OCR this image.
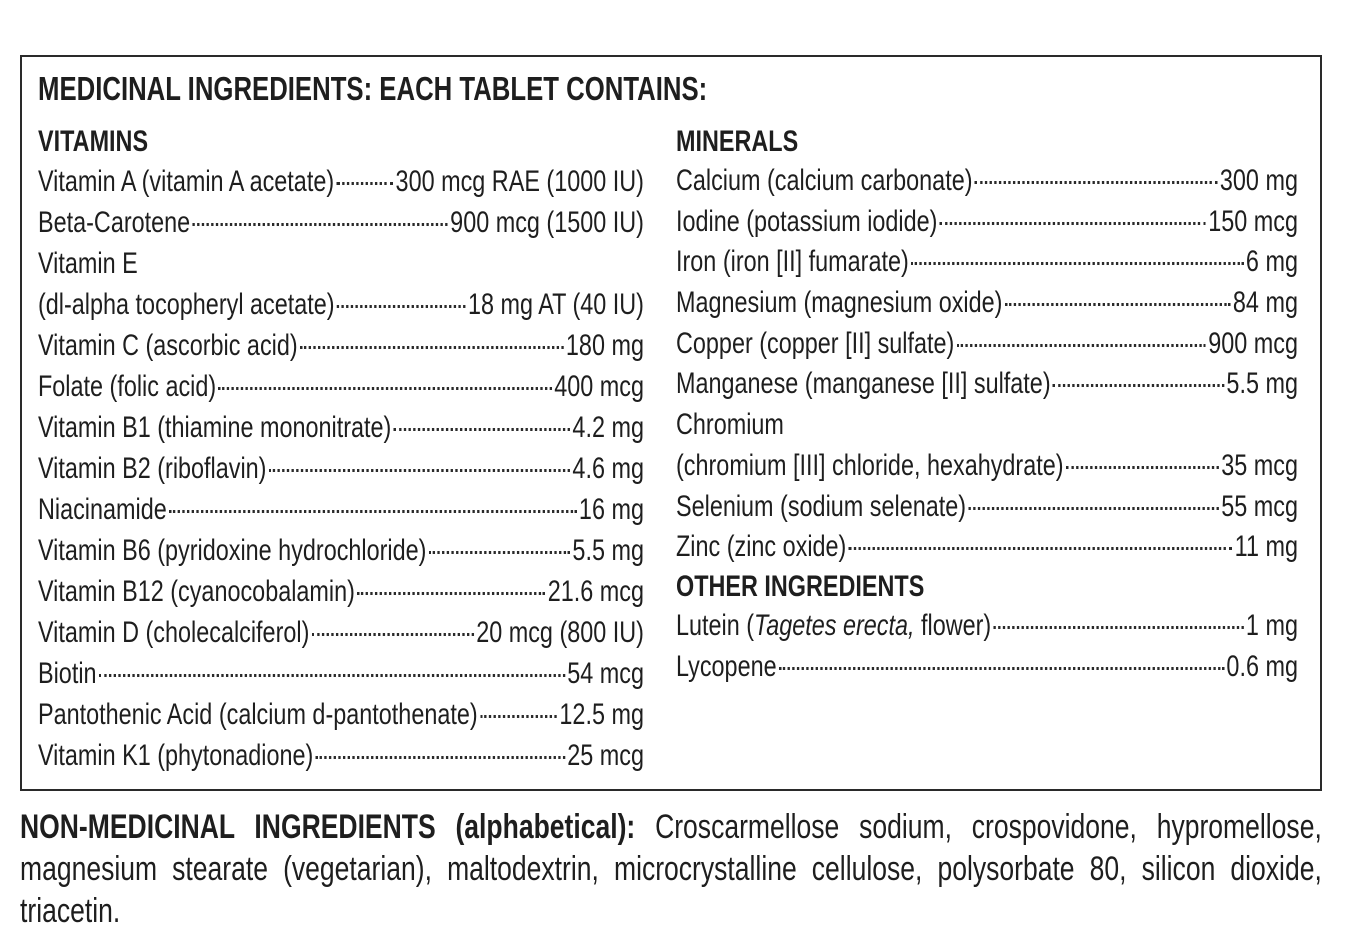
MEDICINAL INGREDIENTS: EACH TABLET CONTAINS:
VITAMINS
Vitamin A (vitamin A acetate) 300 mcg RAE (1000 IU)
Beta-Carotene	900 mcg (1500 IU)
Vitamin E
(dl-alpha tocopheryl acetate)	18 mg AT (40 IU)
Vitamin C (ascorbic acid)	180 mg
Folate (folic acid)	400 mcg
Vitamin B1 (thiamine mononitrate)	4.2 mg
Vitamin B2 (riboflavin)	4.6 mg
Niacinamide	16 mg
Vitamin B6 (pyridoxine hydrochloride)	5.5 mg
Vitamin B12 (cyanocobalamin)	21.6 mcg
Vitamin D (cholecalciferol)	20 mcg (800 IU)
Biotin	54 mcg
Pantothenic Acid (calcium d-pantothenate)	12.5 mg
Vitamin K1 (phytonadione)	25 mcg
MINERALS
Calcium (calcium carbonate)	300 mg
Iodine (potassium iodide)	150 mcg
Iron (iron [II] fumarate)	6 mg
Magnesium (magnesium oxide)	84 mg
Copper (copper [II] sulfate)	900 mcg
Manganese (manganese [II] sulfate)	5.5 mg
Chromium
(chromium [III] chloride, hexahydrate)	35 mcg
Selenium (sodium selenate)	55 mcg
Zinc (zinc oxide)	11 mg
OTHER INGREDIENTS
Lutein (Tagetes erecta, flower)	1 mg
Lycopene	0.6 mg

NON-MEDICINAL INGREDIENTS (alphabetical): Croscarmellose sodium, crospovidone, hypromellose, magnesium stearate (vegetarian), maltodextrin, microcrystalline cellulose, polysorbate 80, silicon dioxide, triacetin.
